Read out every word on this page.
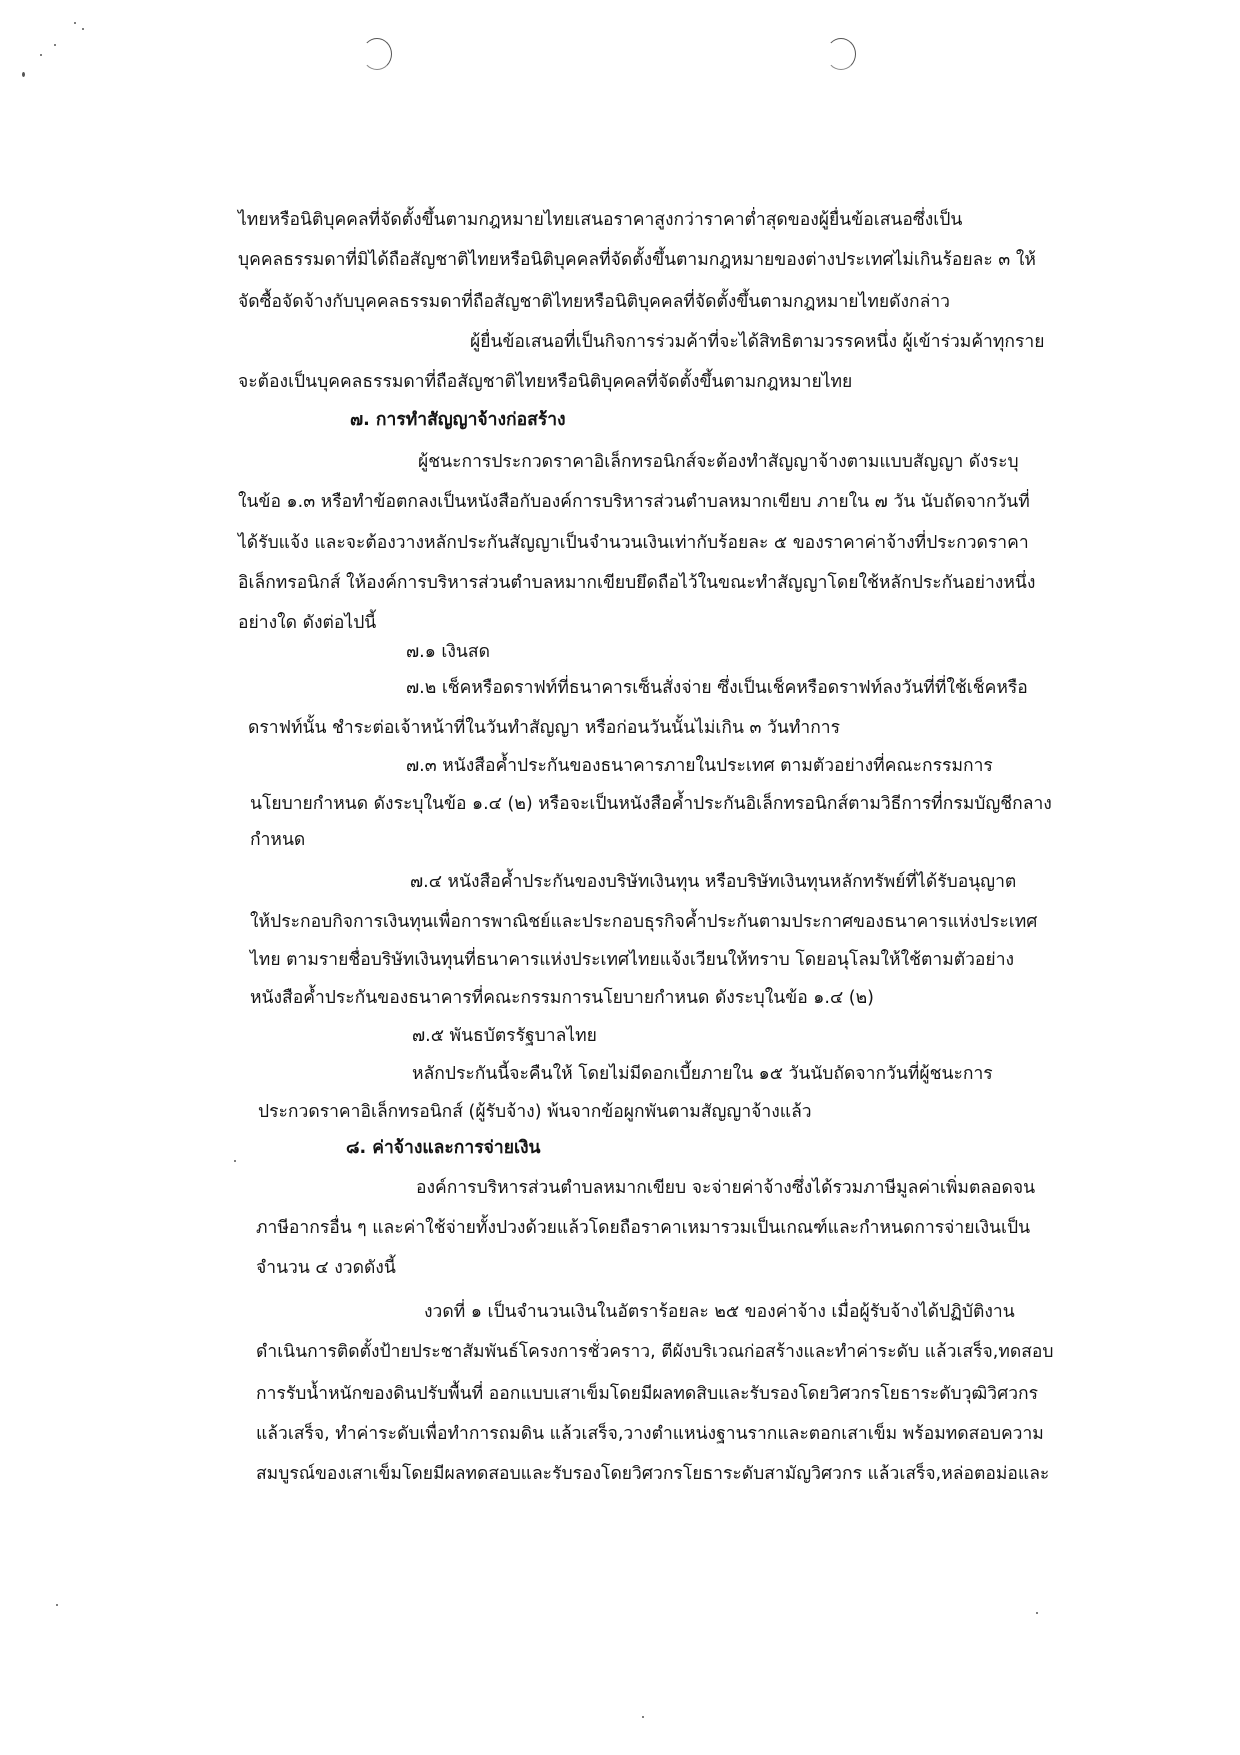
ไทยหรือนิติบุคคลที่จัดตั้งขึ้นตามกฎหมายไทยเสนอราคาสูงกว่าราคาต่ำสุดของผู้ยื่นข้อเสนอซึ่งเป็น
บุคคลธรรมดาที่มิได้ถือสัญชาติไทยหรือนิติบุคคลที่จัดตั้งขึ้นตามกฎหมายของต่างประเทศไม่เกินร้อยละ ๓ ให้
จัดซื้อจัดจ้างกับบุคคลธรรมดาที่ถือสัญชาติไทยหรือนิติบุคคลที่จัดตั้งขึ้นตามกฎหมายไทยดังกล่าว
ผู้ยื่นข้อเสนอที่เป็นกิจการร่วมค้าที่จะได้สิทธิตามวรรคหนึ่ง ผู้เข้าร่วมค้าทุกราย
จะต้องเป็นบุคคลธรรมดาที่ถือสัญชาติไทยหรือนิติบุคคลที่จัดตั้งขึ้นตามกฎหมายไทย
๗. การทำสัญญาจ้างก่อสร้าง
ผู้ชนะการประกวดราคาอิเล็กทรอนิกส์จะต้องทำสัญญาจ้างตามแบบสัญญา ดังระบุ
ในข้อ ๑.๓ หรือทำข้อตกลงเป็นหนังสือกับองค์การบริหารส่วนตำบลหมากเขียบ ภายใน ๗ วัน นับถัดจากวันที่
ได้รับแจ้ง และจะต้องวางหลักประกันสัญญาเป็นจำนวนเงินเท่ากับร้อยละ ๕ ของราคาค่าจ้างที่ประกวดราคา
อิเล็กทรอนิกส์ ให้องค์การบริหารส่วนตำบลหมากเขียบยึดถือไว้ในขณะทำสัญญาโดยใช้หลักประกันอย่างหนึ่ง
อย่างใด ดังต่อไปนี้
๗.๑ เงินสด
๗.๒ เช็คหรือดราฟท์ที่ธนาคารเซ็นสั่งจ่าย ซึ่งเป็นเช็คหรือดราฟท์ลงวันที่ที่ใช้เช็คหรือ
ดราฟท์นั้น ชำระต่อเจ้าหน้าที่ในวันทำสัญญา หรือก่อนวันนั้นไม่เกิน ๓ วันทำการ
๗.๓ หนังสือค้ำประกันของธนาคารภายในประเทศ ตามตัวอย่างที่คณะกรรมการ
นโยบายกำหนด ดังระบุในข้อ ๑.๔ (๒) หรือจะเป็นหนังสือค้ำประกันอิเล็กทรอนิกส์ตามวิธีการที่กรมบัญชีกลาง
กำหนด
๗.๔ หนังสือค้ำประกันของบริษัทเงินทุน หรือบริษัทเงินทุนหลักทรัพย์ที่ได้รับอนุญาต
ให้ประกอบกิจการเงินทุนเพื่อการพาณิชย์และประกอบธุรกิจค้ำประกันตามประกาศของธนาคารแห่งประเทศ
ไทย ตามรายชื่อบริษัทเงินทุนที่ธนาคารแห่งประเทศไทยแจ้งเวียนให้ทราบ โดยอนุโลมให้ใช้ตามตัวอย่าง
หนังสือค้ำประกันของธนาคารที่คณะกรรมการนโยบายกำหนด ดังระบุในข้อ ๑.๔ (๒)
๗.๕ พันธบัตรรัฐบาลไทย
หลักประกันนี้จะคืนให้ โดยไม่มีดอกเบี้ยภายใน ๑๕ วันนับถัดจากวันที่ผู้ชนะการ
ประกวดราคาอิเล็กทรอนิกส์ (ผู้รับจ้าง) พ้นจากข้อผูกพันตามสัญญาจ้างแล้ว
๘. ค่าจ้างและการจ่ายเงิน
องค์การบริหารส่วนตำบลหมากเขียบ จะจ่ายค่าจ้างซึ่งได้รวมภาษีมูลค่าเพิ่มตลอดจน
ภาษีอากรอื่น ๆ และค่าใช้จ่ายทั้งปวงด้วยแล้วโดยถือราคาเหมารวมเป็นเกณฑ์และกำหนดการจ่ายเงินเป็น
จำนวน ๔ งวดดังนี้
งวดที่ ๑ เป็นจำนวนเงินในอัตราร้อยละ ๒๕ ของค่าจ้าง เมื่อผู้รับจ้างได้ปฏิบัติงาน
ดำเนินการติดตั้งป้ายประชาสัมพันธ์โครงการชั่วคราว, ตีผังบริเวณก่อสร้างและทำค่าระดับ แล้วเสร็จ,ทดสอบ
การรับน้ำหนักของดินปรับพื้นที่ ออกแบบเสาเข็มโดยมีผลทดสิบและรับรองโดยวิศวกรโยธาระดับวุฒิวิศวกร
แล้วเสร็จ, ทำค่าระดับเพื่อทำการถมดิน แล้วเสร็จ,วางตำแหน่งฐานรากและตอกเสาเข็ม พร้อมทดสอบความ
สมบูรณ์ของเสาเข็มโดยมีผลทดสอบและรับรองโดยวิศวกรโยธาระดับสามัญวิศวกร แล้วเสร็จ,หล่อตอม่อและ
